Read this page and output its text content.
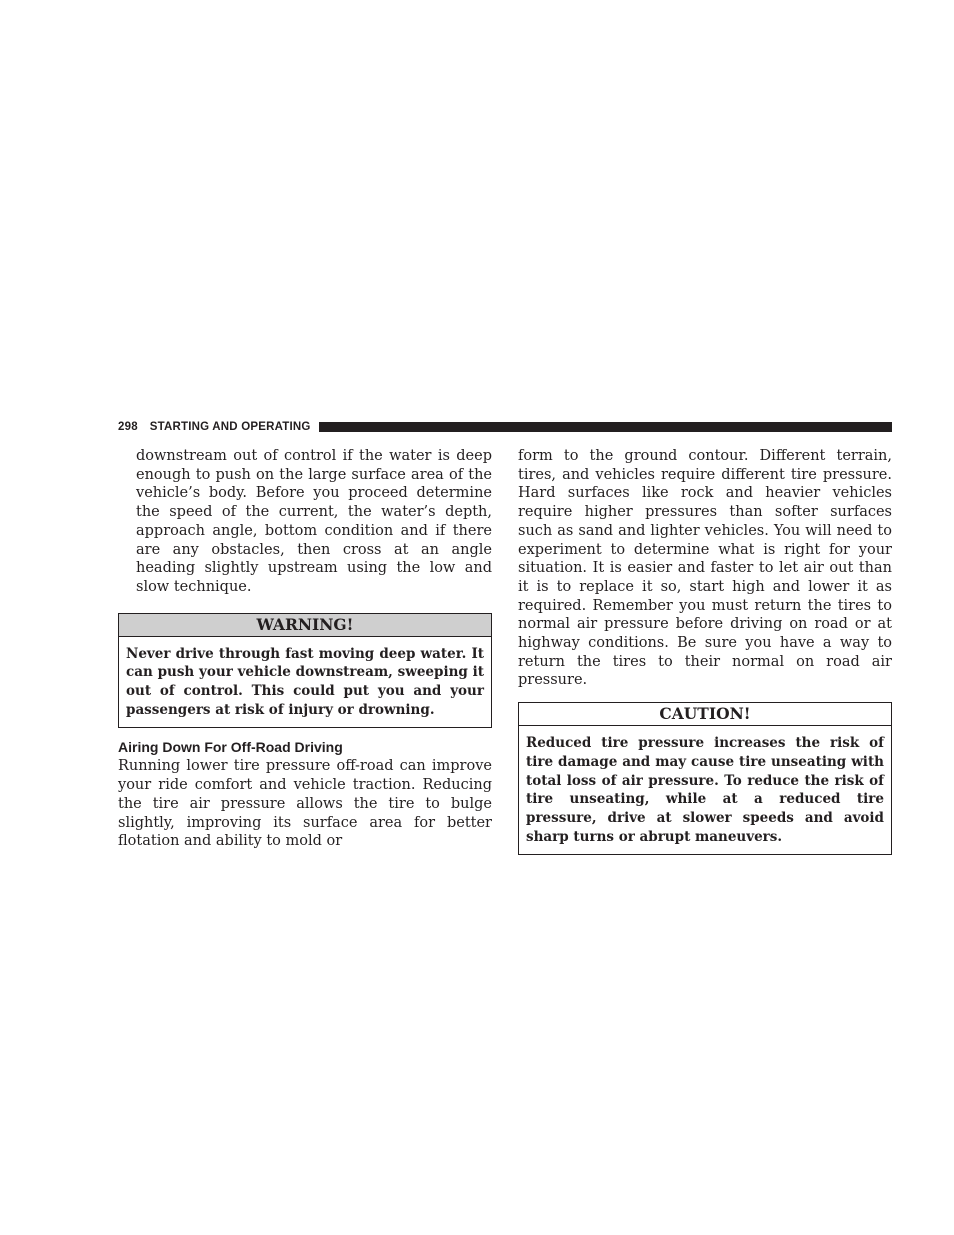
298 STARTING AND OPERATING

downstream out of control if the water is deep enough to push on the large surface area of the vehicle’s body. Before you proceed determine the speed of the current, the water’s depth, approach angle, bottom condition and if there are any obstacles, then cross at an angle heading slightly upstream using the low and slow technique.

WARNING!
Never drive through fast moving deep water. It can push your vehicle downstream, sweeping it out of control. This could put you and your passengers at risk of injury or drowning.
Airing Down For Off-Road Driving

Running lower tire pressure off-road can improve your ride comfort and vehicle traction. Reducing the tire air pressure allows the tire to bulge slightly, improving its surface area for better flotation and ability to mold or

form to the ground contour. Different terrain, tires, and vehicles require different tire pressure. Hard surfaces like rock and heavier vehicles require higher pressures than softer surfaces such as sand and lighter vehicles. You will need to experiment to determine what is right for your situation. It is easier and faster to let air out than it is to replace it so, start high and lower it as required. Remember you must return the tires to normal air pressure before driving on road or at highway conditions. Be sure you have a way to return the tires to their normal on road air pressure.

CAUTION!
Reduced tire pressure increases the risk of tire damage and may cause tire unseating with total loss of air pressure. To reduce the risk of tire unseating, while at a reduced tire pressure, drive at slower speeds and avoid sharp turns or abrupt maneuvers.
